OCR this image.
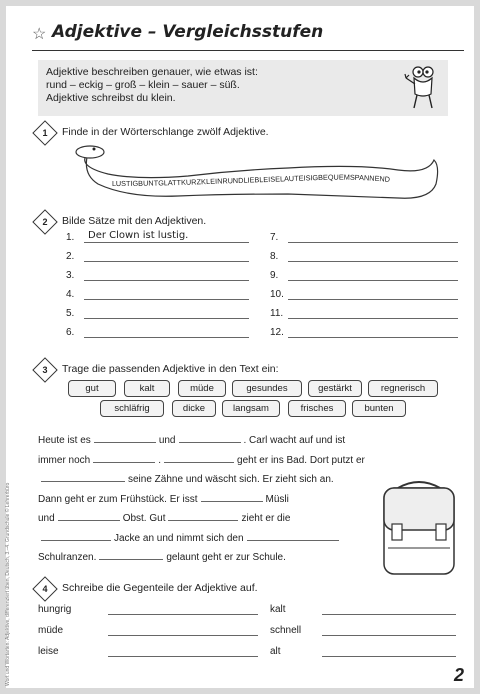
☆ Adjektive – Vergleichsstufen
Adjektive beschreiben genauer, wie etwas ist:
rund – eckig – groß – klein – sauer – süß.
Adjektive schreibst du klein.
1	Finde in der Wörterschlange zwölf Adjektive.
LUSTIGBUNTGLATTKURZKLEINRUNDLIEBLEISELAUTEISIGBEQUEMSPANNEND
2	Bilde Sätze mit den Adjektiven.
1.	Der Clown ist lustig.
2.
3.
4.
5.
6.
7.
8.
9.
10.
11.
12.
3	Trage die passenden Adjektive in den Text ein:
gut	kalt	müde	gesundes	gestärkt	regnerisch
schläfrig	dicke	langsam	frisches	bunten
Heute ist es	und	. Carl wacht auf und ist
immer noch	.	geht er ins Bad. Dort putzt er
seine Zähne und wäscht sich. Er zieht sich an.
Dann geht er zum Frühstück. Er isst	Müsli
und	Obst. Gut	zieht er die
Jacke an und nimmt sich den
Schulranzen.	gelaunt geht er zur Schule.
4	Schreibe die Gegenteile der Adjektive auf.
hungrig	kalt
müde	schnell
leise	alt
Wort und Wortarten: Adjektive, differenziert üben, Deutsch, 3.–4. Grundschule © Lehrerbüro	2
